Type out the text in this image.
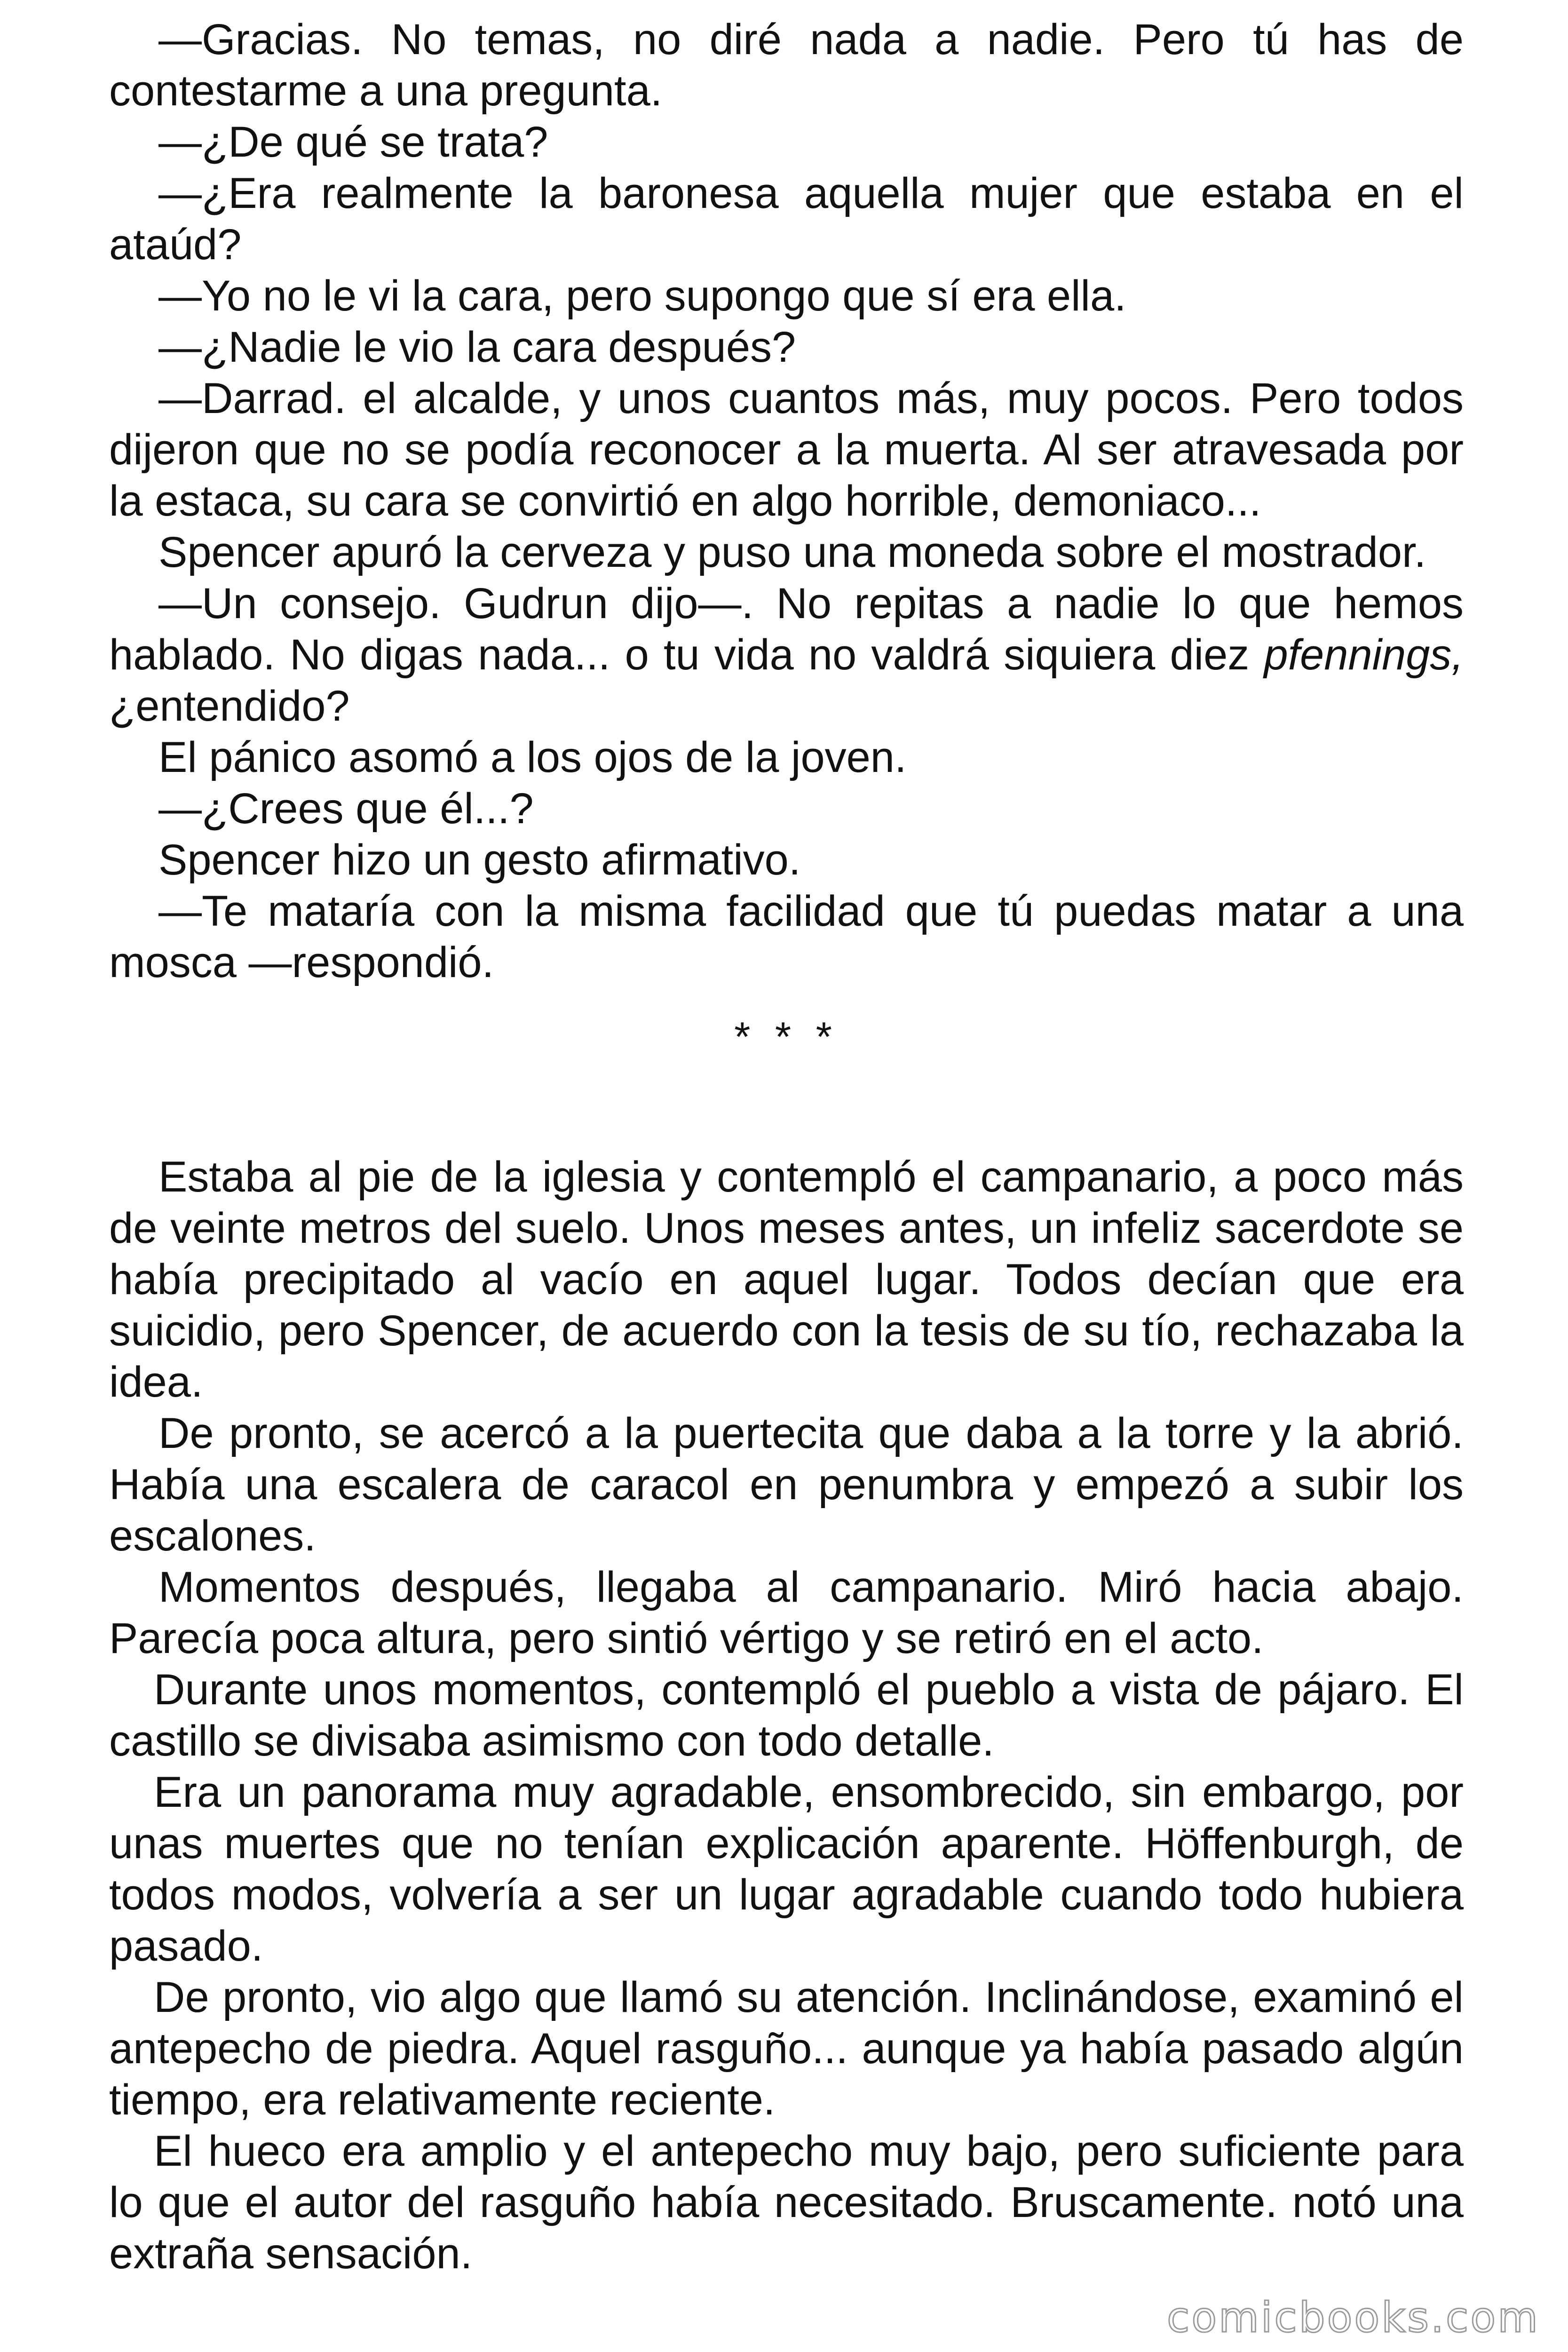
—Gracias. No temas, no diré nada a nadie. Pero tú has de contestarme a una pregunta.

—¿De qué se trata?

—¿Era realmente la baronesa aquella mujer que estaba en el ataúd?

—Yo no le vi la cara, pero supongo que sí era ella.

—¿Nadie le vio la cara después?

—Darrad. el alcalde, y unos cuantos más, muy pocos. Pero todos dijeron que no se podía reconocer a la muerta. Al ser atravesada por la estaca, su cara se convirtió en algo horrible, demoniaco...

Spencer apuró la cerveza y puso una moneda sobre el mostrador.

—Un consejo. Gudrun dijo—. No repitas a nadie lo que hemos hablado. No digas nada... o tu vida no valdrá siquiera diez pfennings, ¿entendido?

El pánico asomó a los ojos de la joven.

—¿Crees que él...?

Spencer hizo un gesto afirmativo.

—Te mataría con la misma facilidad que tú puedas matar a una mosca —respondió.

* * *

Estaba al pie de la iglesia y contempló el campanario, a poco más de veinte metros del suelo. Unos meses antes, un infeliz sacerdote se había precipitado al vacío en aquel lugar. Todos decían que era suicidio, pero Spencer, de acuerdo con la tesis de su tío, rechazaba la idea.

De pronto, se acercó a la puertecita que daba a la torre y la abrió. Había una escalera de caracol en penumbra y empezó a subir los escalones.

Momentos después, llegaba al campanario. Miró hacia abajo. Parecía poca altura, pero sintió vértigo y se retiró en el acto.

Durante unos momentos, contempló el pueblo a vista de pájaro. El castillo se divisaba asimismo con todo detalle.

Era un panorama muy agradable, ensombrecido, sin embargo, por unas muertes que no tenían explicación aparente. Höffenburgh, de todos modos, volvería a ser un lugar agradable cuando todo hubiera pasado.

De pronto, vio algo que llamó su atención. Inclinándose, examinó el antepecho de piedra. Aquel rasguño... aunque ya había pasado algún tiempo, era relativamente reciente.

El hueco era amplio y el antepecho muy bajo, pero suficiente para lo que el autor del rasguño había necesitado. Bruscamente. notó una extraña sensación.

comicbooks.com
